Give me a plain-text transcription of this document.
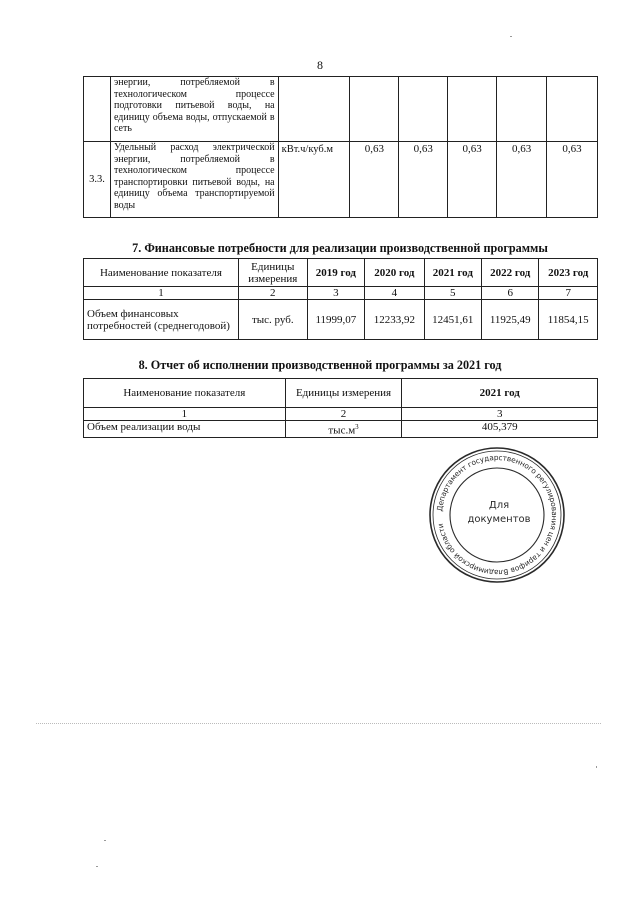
8
	энергии, потребляемой в технологическом процессе подготовки питьевой воды, на единицу объема воды, отпускаемой в сеть						
3.3.	Удельный расход электрической энергии, потребляемой в технологическом процессе транспортировки питьевой воды, на единицу объема транспортируемой воды	кВт.ч/куб.м	0,63	0,63	0,63	0,63	0,63
7. Финансовые потребности для реализации производственной программы
Наименование показателя	Единицы измерения	2019 год	2020 год	2021 год	2022 год	2023 год
1	2	3	4	5	6	7
Объем финансовых потребностей (среднегодовой)	тыс. руб.	11999,07	12233,92	12451,61	11925,49	11854,15
8. Отчет об исполнении производственной программы за 2021 год
Наименование показателя	Единицы измерения	2021 год
1	2	3
Объем реализации воды	$тыс.м^3$	405,379
Департамент государственного регулирования цен и тарифов Владимирской области
Для
документов
